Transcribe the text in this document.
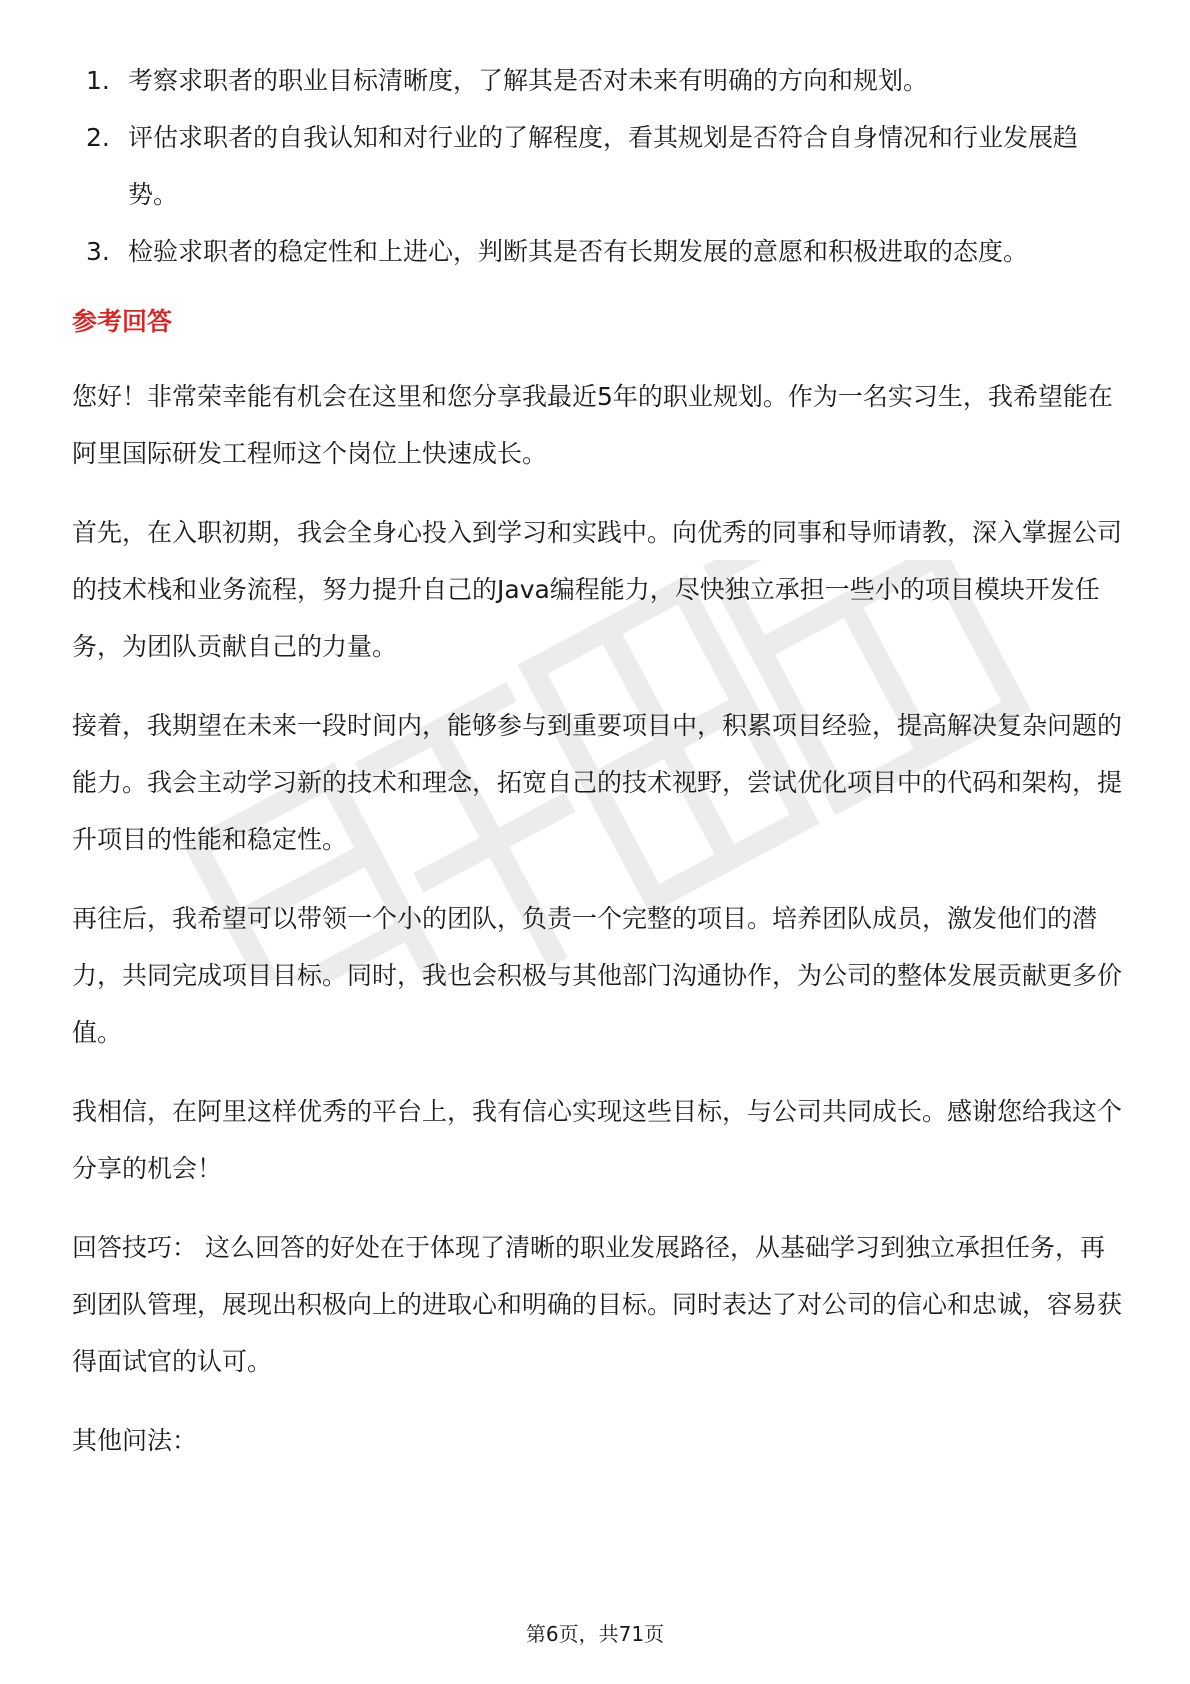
1. 考察求职者的职业目标清晰度，了解其是否对未来有明确的方向和规划。
2. 评估求职者的自我认知和对行业的了解程度，看其规划是否符合自身情况和行业发展趋势。
3. 检验求职者的稳定性和上进心，判断其是否有长期发展的意愿和积极进取的态度。
参考回答

您好！非常荣幸能有机会在这里和您分享我最近5年的职业规划。作为一名实习生，我希望能在阿里国际研发工程师这个岗位上快速成长。

首先，在入职初期，我会全身心投入到学习和实践中。向优秀的同事和导师请教，深入掌握公司的技术栈和业务流程，努力提升自己的Java编程能力，尽快独立承担一些小的项目模块开发任务，为团队贡献自己的力量。

接着，我期望在未来一段时间内，能够参与到重要项目中，积累项目经验，提高解决复杂问题的能力。我会主动学习新的技术和理念，拓宽自己的技术视野，尝试优化项目中的代码和架构，提升项目的性能和稳定性。

再往后，我希望可以带领一个小的团队，负责一个完整的项目。培养团队成员，激发他们的潜力，共同完成项目目标。同时，我也会积极与其他部门沟通协作，为公司的整体发展贡献更多价值。

我相信，在阿里这样优秀的平台上，我有信心实现这些目标，与公司共同成长。感谢您给我这个分享的机会！

回答技巧： 这么回答的好处在于体现了清晰的职业发展路径，从基础学习到独立承担任务，再到团队管理，展现出积极向上的进取心和明确的目标。同时表达了对公司的信心和忠诚，容易获得面试官的认可。

其他问法：

第6页，共71页
